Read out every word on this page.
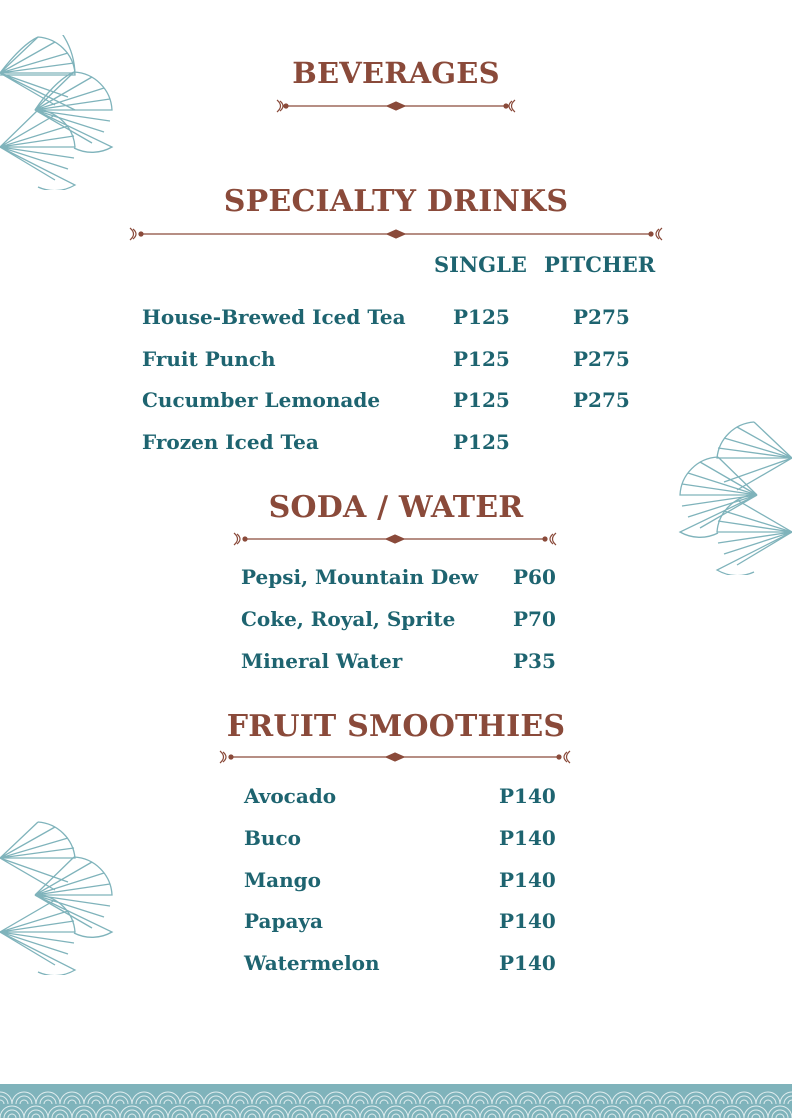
BEVERAGES
SPECIALTY DRINKS
SINGLE PITCHER
House-Brewed Iced Tea P125	P275
Fruit Punch	P125	P275
Cucumber Lemonade	P125	P275
Frozen Iced Tea	P125
SODA / WATER
Pepsi, Mountain Dew P60
Coke, Royal, Sprite	P70
Mineral Water	P35
FRUIT SMOOTHIES
Avocado	P140
Buco	P140
Mango	P140
Papaya	P140
Watermelon	P140
